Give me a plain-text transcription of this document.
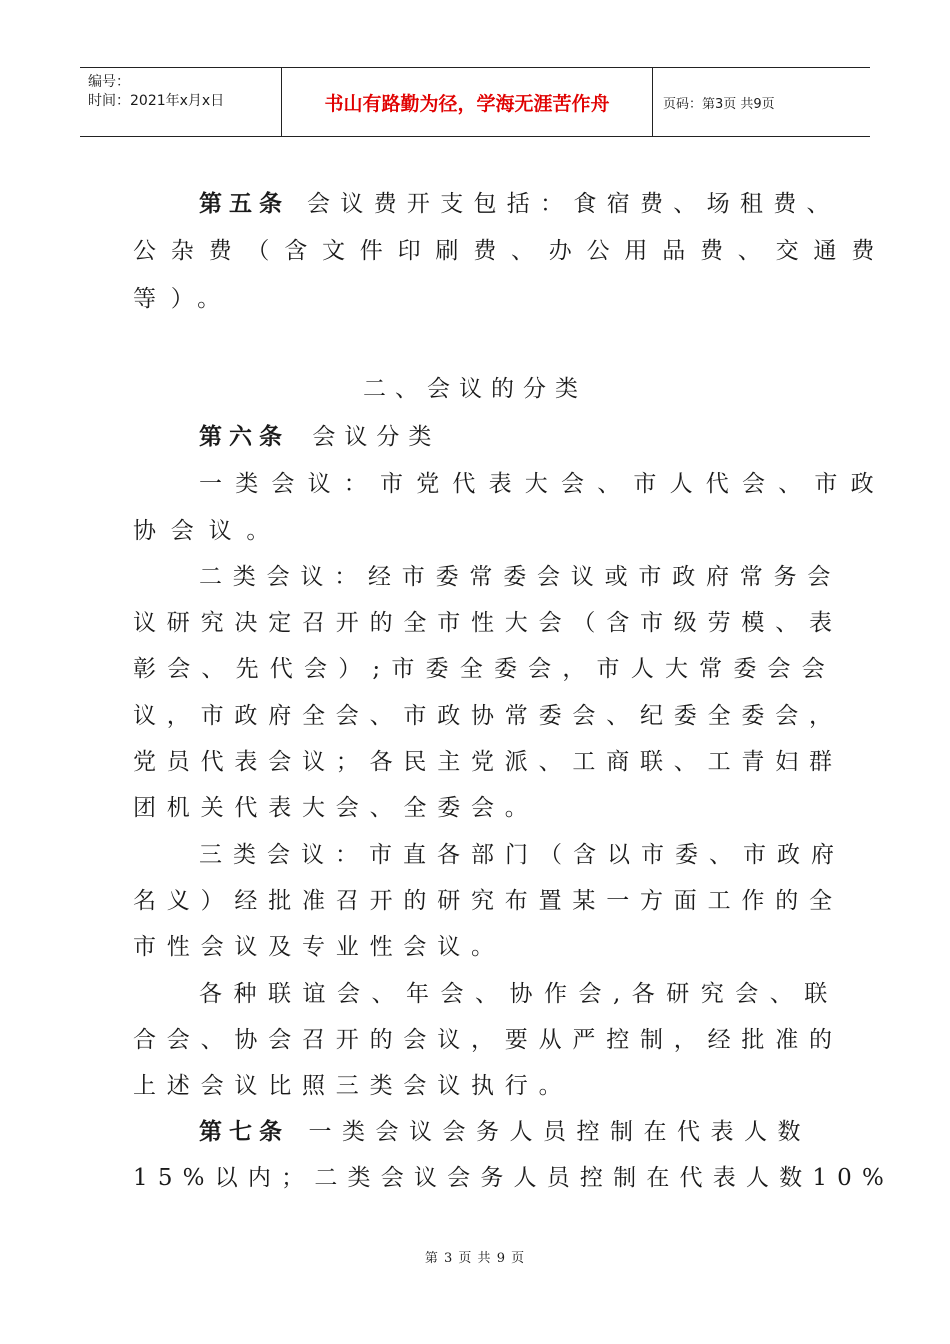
编号：
时间：2021年x月x日	书山有路勤为径，学海无涯苦作舟	页码：第3页 共9页
第五条 会议费开支包括：食宿费、场租费、
公杂费（含文件印刷费、办公用品费、交通费
等）。
二、会议的分类
第六条 会议分类
一类会议：市党代表大会、市人代会、市政
协会议。
二类会议：经市委常委会议或市政府常务会
议研究决定召开的全市性大会（含市级劳模、表
彰会、先代会）;市委全委会，市人大常委会会
议，市政府全会、市政协常委会、纪委全委会，
党员代表会议；各民主党派、工商联、工青妇群
团机关代表大会、全委会。
三类会议：市直各部门（含以市委、市政府
名义）经批准召开的研究布置某一方面工作的全
市性会议及专业性会议。
各种联谊会、年会、协作会,各研究会、联
合会、协会召开的会议，要从严控制，经批准的
上述会议比照三类会议执行。
第七条 一类会议会务人员控制在代表人数
15%以内；二类会议会务人员控制在代表人数10%
第 3 页 共 9 页
